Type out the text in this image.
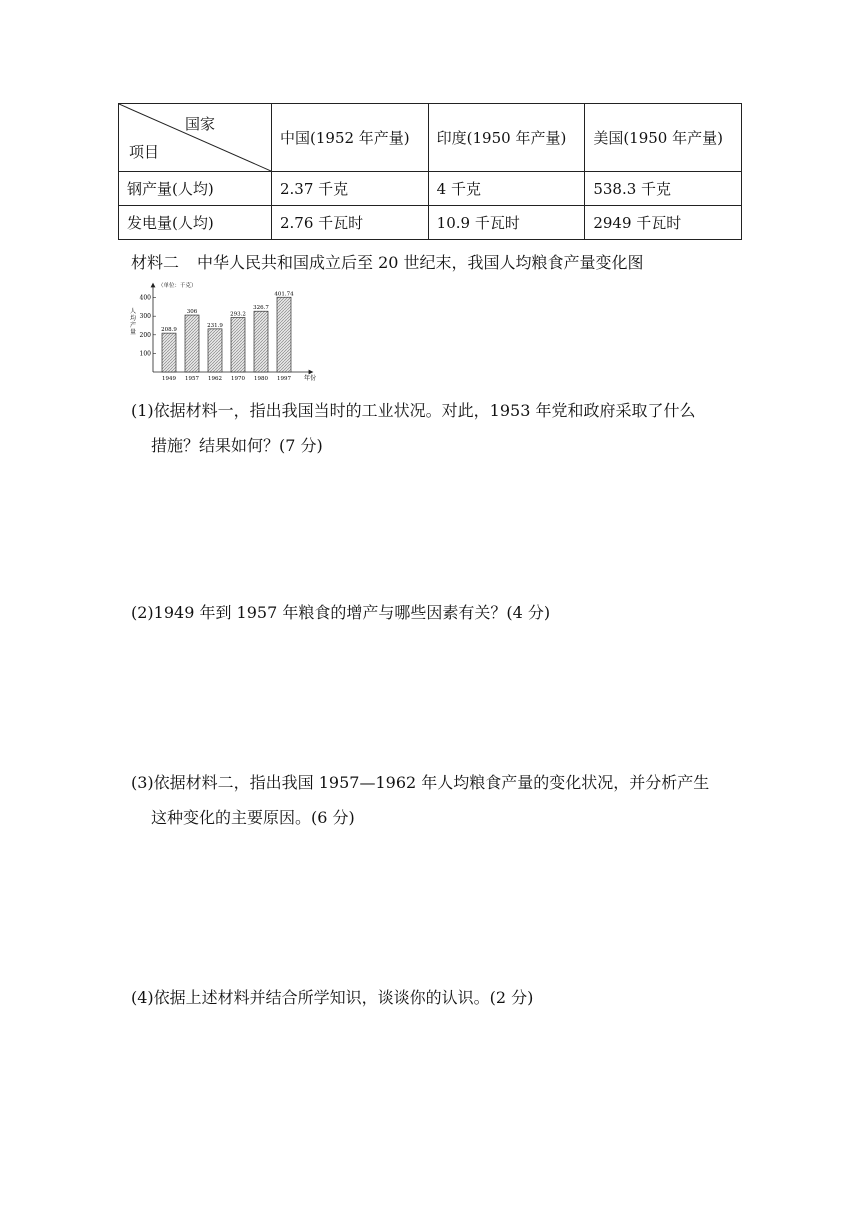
国家
项目	中国(1952 年产量)	印度(1950 年产量)	美国(1950 年产量)
钢产量(人均)	2.37 千克	4 千克	538.3 千克
发电量(人均)	2.76 千瓦时	10.9 千瓦时	2949 千瓦时
材料二 中华人民共和国成立后至 20 世纪末，我国人均粮食产量变化图
（单位：千克）
100
200
300
400
人
均
产
量	208.9
1949
306
1957
231.9
1962
293.2
1970
326.7
1980
401.74
1997 年份
(1)依据材料一，指出我国当时的工业状况。对此，1953 年党和政府采取了什么
措施？结果如何？(7 分)
(2)1949 年到 1957 年粮食的增产与哪些因素有关？(4 分)
(3)依据材料二，指出我国 1957—1962 年人均粮食产量的变化状况，并分析产生
这种变化的主要原因。(6 分)
(4)依据上述材料并结合所学知识，谈谈你的认识。(2 分)
